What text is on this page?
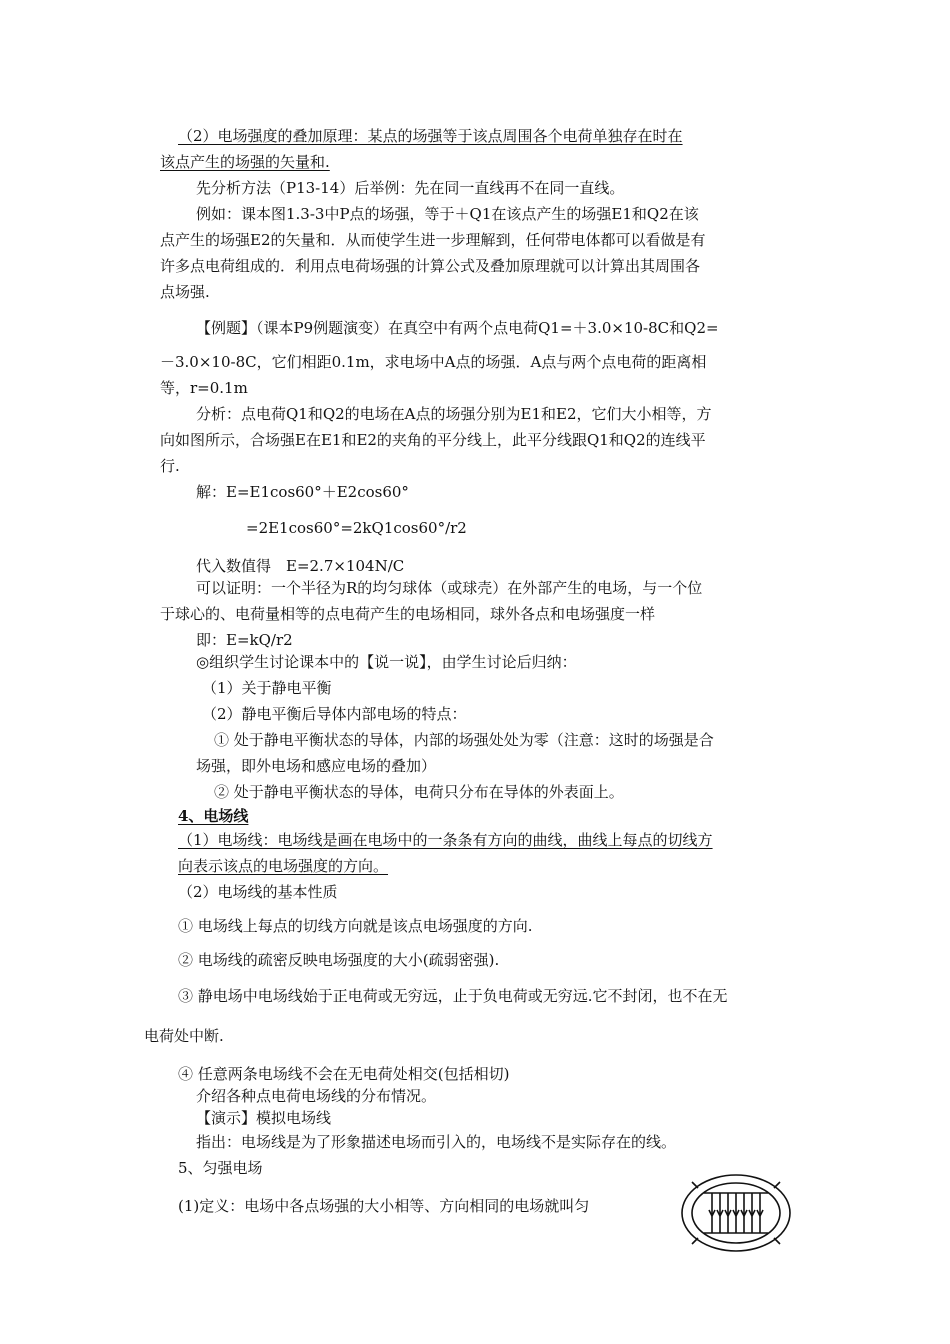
（2）电场强度的叠加原理：某点的场强等于该点周围各个电荷单独存在时在
该点产生的场强的矢量和.
先分析方法（P13-14）后举例：先在同一直线再不在同一直线。
例如：课本图1.3-3中P点的场强，等于＋Q1在该点产生的场强E1和Q2在该
点产生的场强E2的矢量和．从而使学生进一步理解到，任何带电体都可以看做是有
许多点电荷组成的．利用点电荷场强的计算公式及叠加原理就可以计算出其周围各
点场强.
【例题】（课本P9例题演变）在真空中有两个点电荷Q1=＋3.0×10-8C和Q2=
－3.0×10-8C，它们相距0.1m，求电场中A点的场强．A点与两个点电荷的距离相
等，r=0.1m
分析：点电荷Q1和Q2的电场在A点的场强分别为E1和E2，它们大小相等，方
向如图所示，合场强E在E1和E2的夹角的平分线上，此平分线跟Q1和Q2的连线平
行.
解：E=E1cos60°＋E2cos60°
=2E1cos60°=2kQ1cos60°/r2
代入数值得　E=2.7×104N/C
可以证明：一个半径为R的均匀球体（或球壳）在外部产生的电场，与一个位
于球心的、电荷量相等的点电荷产生的电场相同，球外各点和电场强度一样
即：E=kQ/r2
◎组织学生讨论课本中的【说一说】，由学生讨论后归纳：
（1）关于静电平衡
（2）静电平衡后导体内部电场的特点：
① 处于静电平衡状态的导体，内部的场强处处为零（注意：这时的场强是合
场强，即外电场和感应电场的叠加）
② 处于静电平衡状态的导体，电荷只分布在导体的外表面上。
4、电场线
（1）电场线：电场线是画在电场中的一条条有方向的曲线，曲线上每点的切线方
向表示该点的电场强度的方向。
（2）电场线的基本性质
① 电场线上每点的切线方向就是该点电场强度的方向.
② 电场线的疏密反映电场强度的大小(疏弱密强).
③ 静电场中电场线始于正电荷或无穷远，止于负电荷或无穷远.它不封闭，也不在无
电荷处中断.
④ 任意两条电场线不会在无电荷处相交(包括相切)
介绍各种点电荷电场线的分布情况。
【演示】模拟电场线
指出：电场线是为了形象描述电场而引入的，电场线不是实际存在的线。
5、匀强电场
(1)定义：电场中各点场强的大小相等、方向相同的电场就叫匀
